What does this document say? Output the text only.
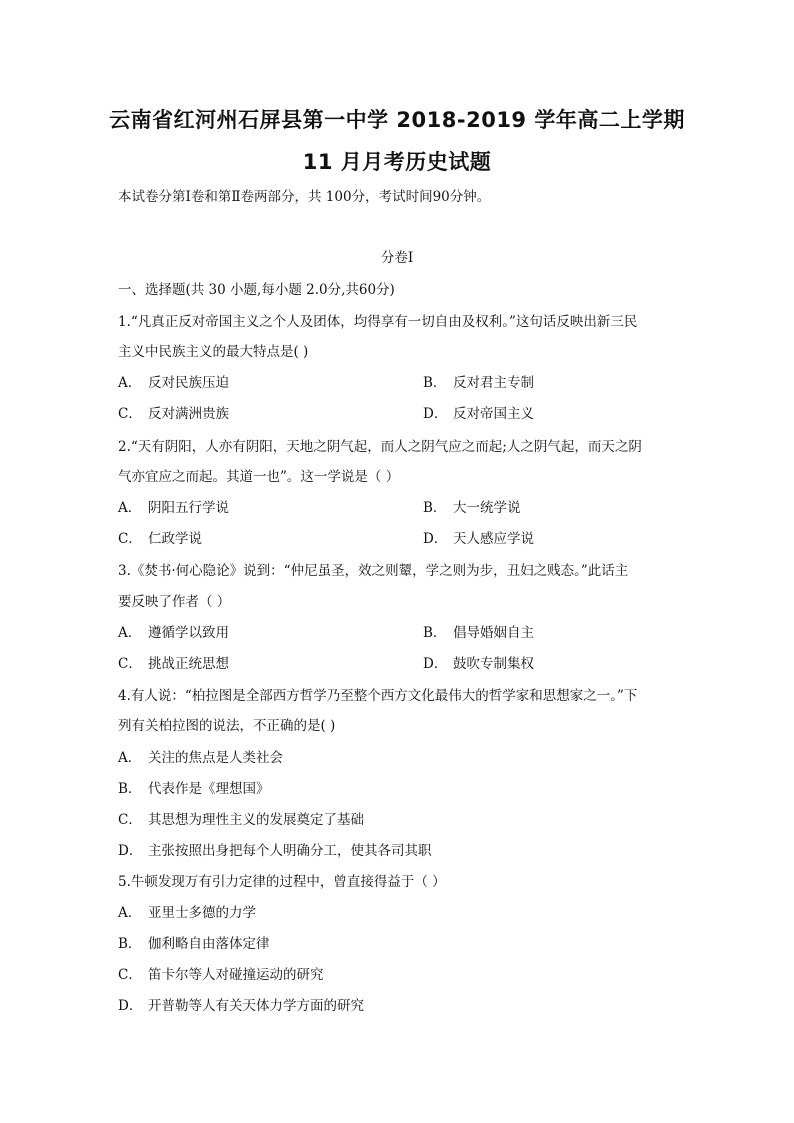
云南省红河州石屏县第一中学 2018-2019 学年高二上学期
11 月月考历史试题
本试卷分第Ⅰ卷和第Ⅱ卷两部分，共 100分，考试时间90分钟。
分卷I
一、选择题(共 30 小题,每小题 2.0分,共60分)
1.“凡真正反对帝国主义之个人及团体，均得享有一切自由及权利。”这句话反映出新三民
主义中民族主义的最大特点是( )
A． 反对民族压迫	B． 反对君主专制
C． 反对满洲贵族	D． 反对帝国主义
2.“天有阴阳，人亦有阴阳，天地之阴气起，而人之阴气应之而起;人之阴气起，而天之阴
气亦宜应之而起。其道一也”。这一学说是（ ）
A． 阴阳五行学说	B． 大一统学说
C． 仁政学说	D． 天人感应学说
3.《焚书·何心隐论》说到：“仲尼虽圣，效之则颦，学之则为步，丑妇之贱态。”此话主
要反映了作者（ ）
A． 遵循学以致用	B． 倡导婚姻自主
C． 挑战正统思想	D． 鼓吹专制集权
4.有人说：“柏拉图是全部西方哲学乃至整个西方文化最伟大的哲学家和思想家之一。”下
列有关柏拉图的说法，不正确的是( )
A． 关注的焦点是人类社会
B． 代表作是《理想国》
C． 其思想为理性主义的发展奠定了基础
D． 主张按照出身把每个人明确分工，使其各司其职
5.牛顿发现万有引力定律的过程中，曾直接得益于（ ）
A． 亚里士多德的力学
B． 伽利略自由落体定律
C． 笛卡尔等人对碰撞运动的研究
D． 开普勒等人有关天体力学方面的研究
